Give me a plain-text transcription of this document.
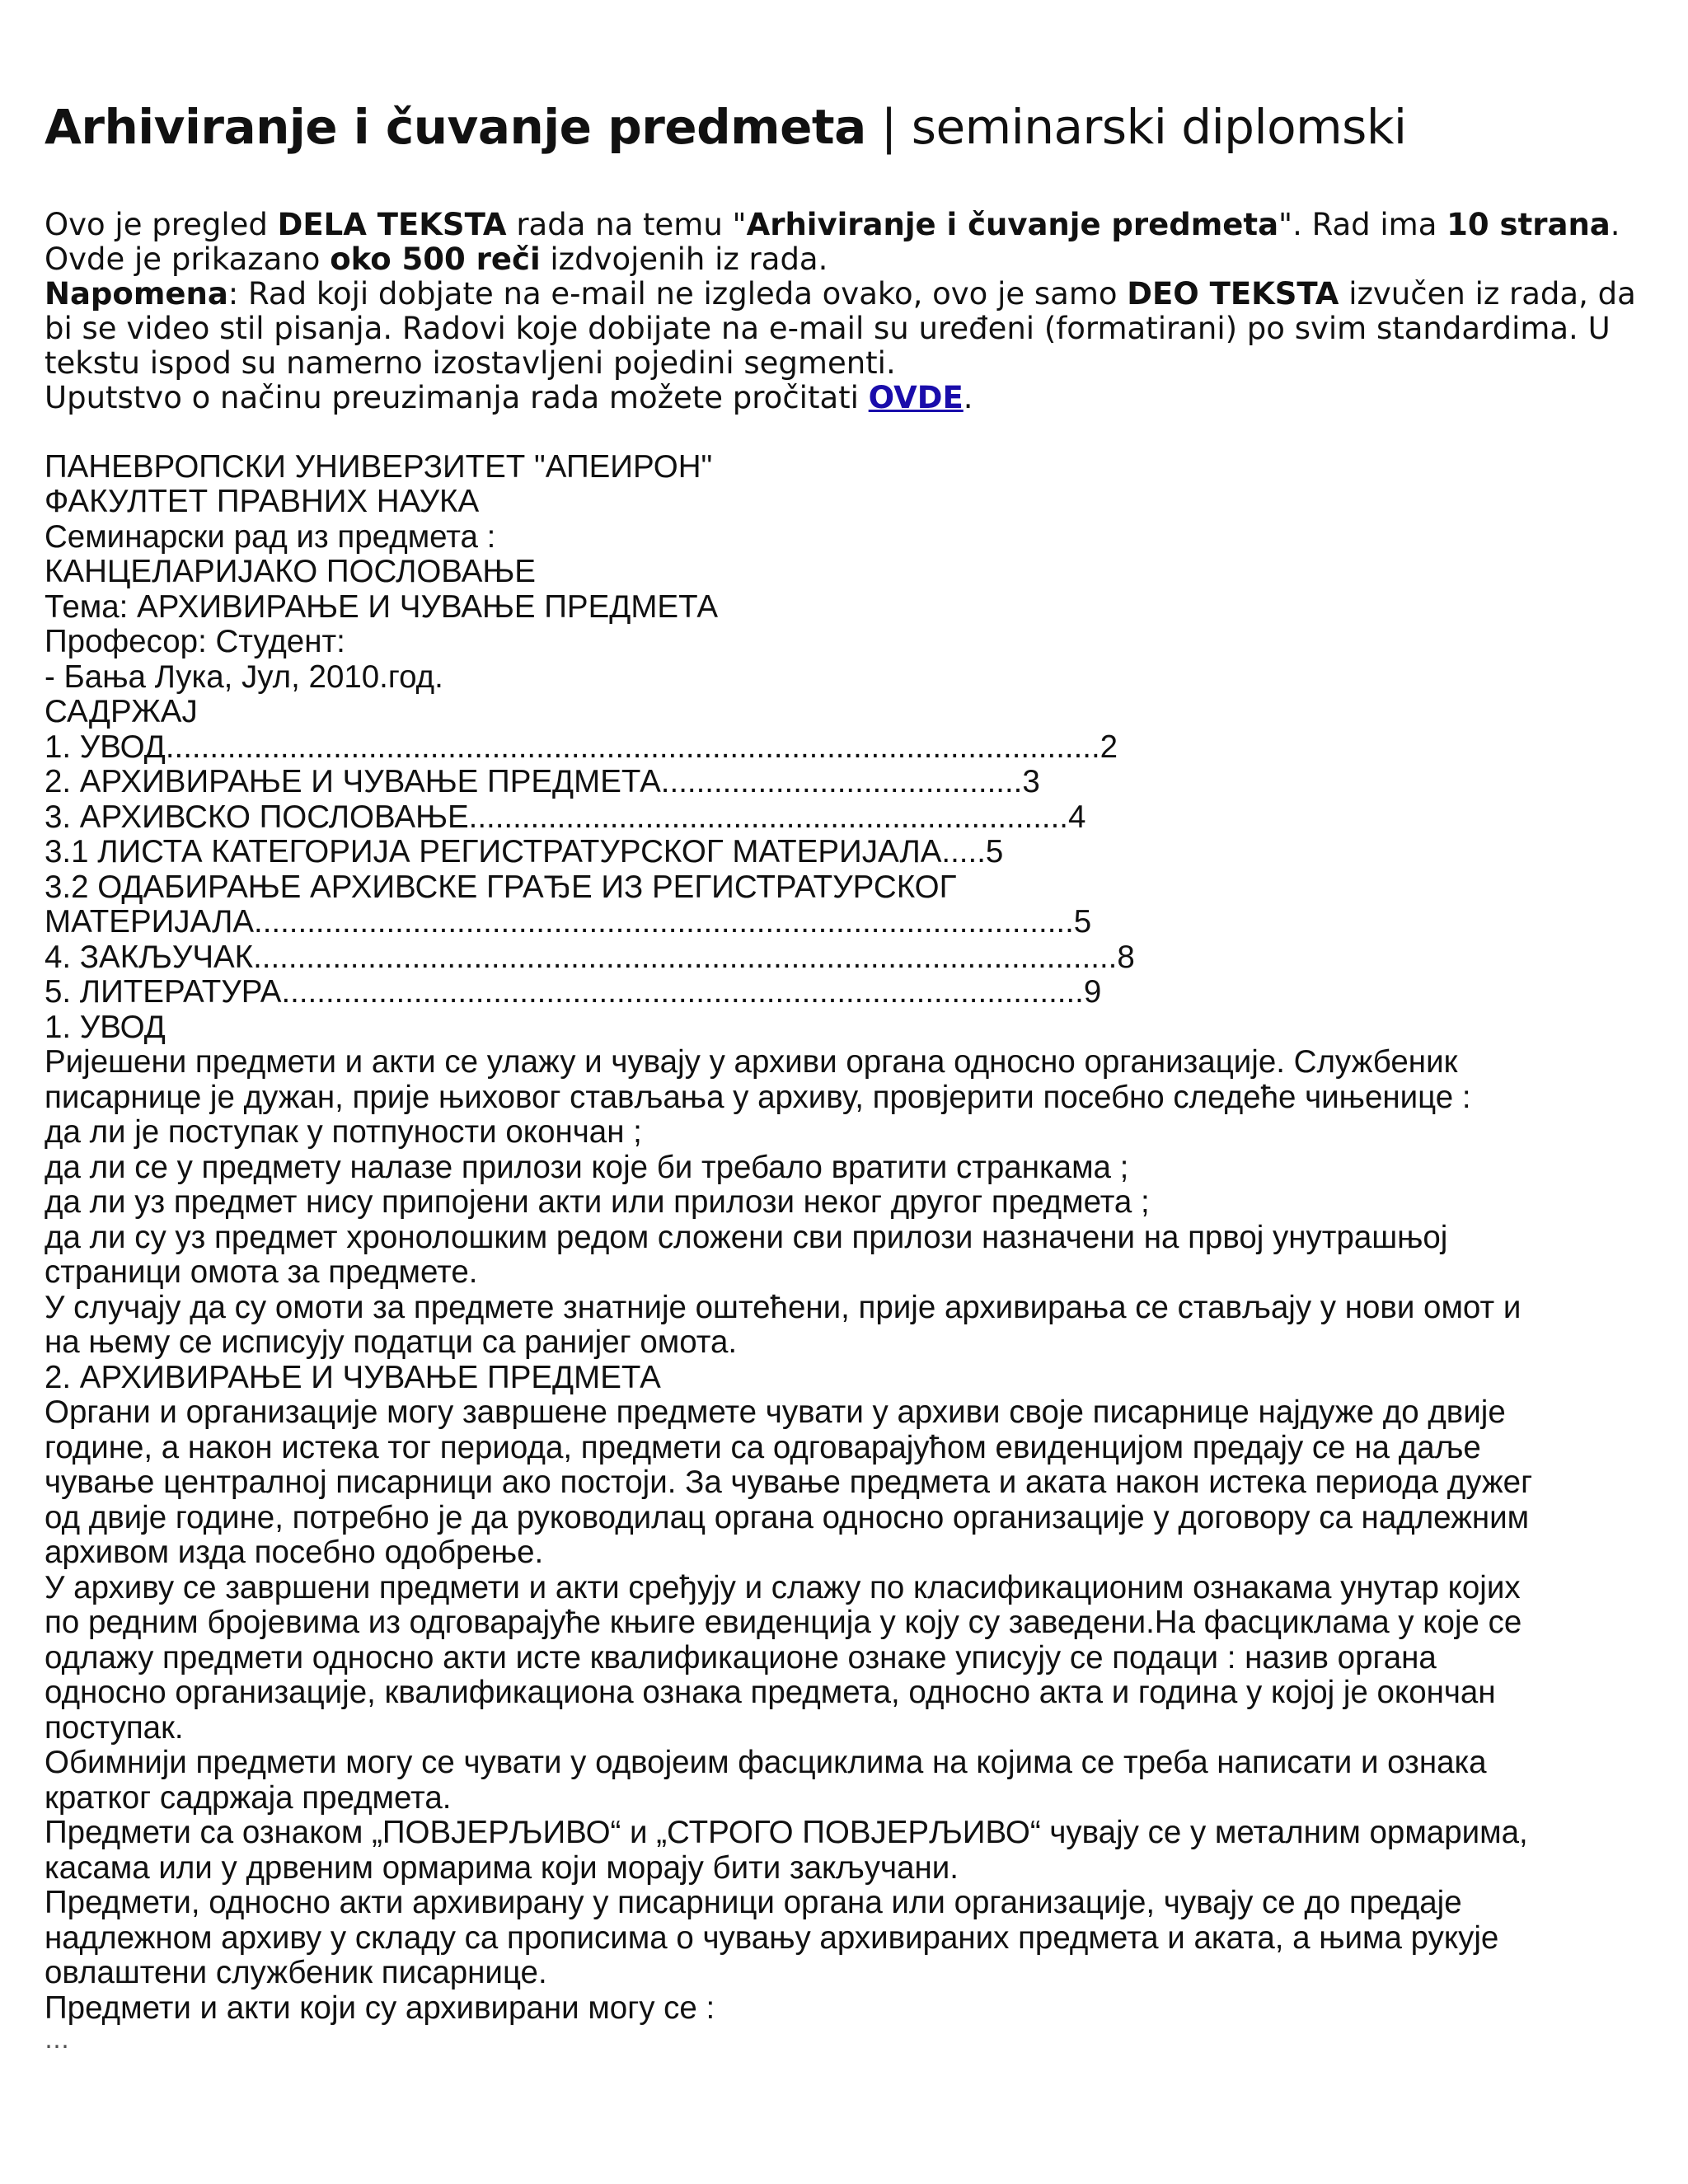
Arhiviranje i čuvanje predmeta | seminarski diplomski
Ovo je pregled DELA TEKSTA rada na temu "Arhiviranje i čuvanje predmeta". Rad ima 10 strana.
Ovde je prikazano oko 500 reči izdvojenih iz rada.
Napomena: Rad koji dobjate na e-mail ne izgleda ovako, ovo je samo DEO TEKSTA izvučen iz rada, da bi se video stil pisanja. Radovi koje dobijate na e-mail su uređeni (formatirani) po svim standardima. U tekstu ispod su namerno izostavljeni pojedini segmenti.
Uputstvo o načinu preuzimanja rada možete pročitati OVDE.
ПАНЕВРОПСКИ УНИВЕРЗИТЕТ "АПЕИРОН"
ФАКУЛТЕТ ПРАВНИХ НАУКА
Семинарски рад из предмета :
КАНЦЕЛАРИЈАКО ПОСЛОВАЊЕ
Тема: АРХИВИРАЊЕ И ЧУВАЊЕ ПРЕДМЕТА
Професор: Студент:
- Бања Лука, Јул, 2010.год.
САДРЖАЈ
1. УВОД..........................................................................................................2
2. АРХИВИРАЊЕ И ЧУВАЊЕ ПРЕДМЕТА.........................................3
3. АРХИВСКО ПОСЛОВАЊЕ....................................................................4
3.1 ЛИСТА КАТЕГОРИЈА РЕГИСТРАТУРСКОГ МАТЕРИЈАЛА.....5
3.2 ОДАБИРАЊЕ АРХИВСКЕ ГРАЂЕ ИЗ РЕГИСТРАТУРСКОГ
МАТЕРИЈАЛА.............................................................................................5
4. ЗАКЉУЧАК..................................................................................................8
5. ЛИТЕРАТУРА...........................................................................................9
1. УВОД
Ријешени предмети и акти се улажу и чувају у архиви органа односно организације. Службеник
писарнице је дужан, прије њиховог стављања у архиву, провјерити посебно следеће чињенице :
да ли је поступак у потпуности окончан ;
да ли се у предмету налазе прилози које би требало вратити странкама ;
да ли уз предмет нису припојени акти или прилози неког другог предмета ;
да ли су уз предмет хронолошким редом сложени сви прилози назначени на првој унутрашњој
страници омота за предмете.
У случају да су омоти за предмете знатније оштећени, прије архивирања се стављају у нови омот и
на њему се исписују податци са ранијег омота.
2. АРХИВИРАЊЕ И ЧУВАЊЕ ПРЕДМЕТА
Органи и организације могу завршене предмете чувати у архиви своје писарнице најдуже до двије
године, а након истека тог периода, предмети са одговарајућом евиденцијом предају се на даље
чување централној писарници ако постоји. За чување предмета и аката након истека периода дужег
од двије године, потребно је да руководилац органа односно организације у договору са надлежним
архивом изда посебно одобрење.
У архиву се завршени предмети и акти сређују и слажу по класификационим ознакама унутар којих
по редним бројевима из одговарајуће књиге евиденција у коју су заведени.На фасциклама у које се
одлажу предмети односно акти исте квалификационе ознаке уписују се подаци : назив органа
односно организације, квалификациона ознака предмета, односно акта и година у којој је окончан
поступак.
Обимнији предмети могу се чувати у одвојеим фасциклима на којима се треба написати и ознака
кратког садржаја предмета.
Предмети са ознаком „ПОВЈЕРЉИВО“ и „СТРОГО ПОВЈЕРЉИВО“ чувају се у металним ормарима,
касама или у дрвеним ормарима који морају бити закључани.
Предмети, односно акти архивирану у писарници органа или организације, чувају се до предаје
надлежном архиву у складу са прописима о чувању архивираних предмета и аката, а њима рукује
овлаштени службеник писарнице.
Предмети и акти који су архивирани могу се :
…
